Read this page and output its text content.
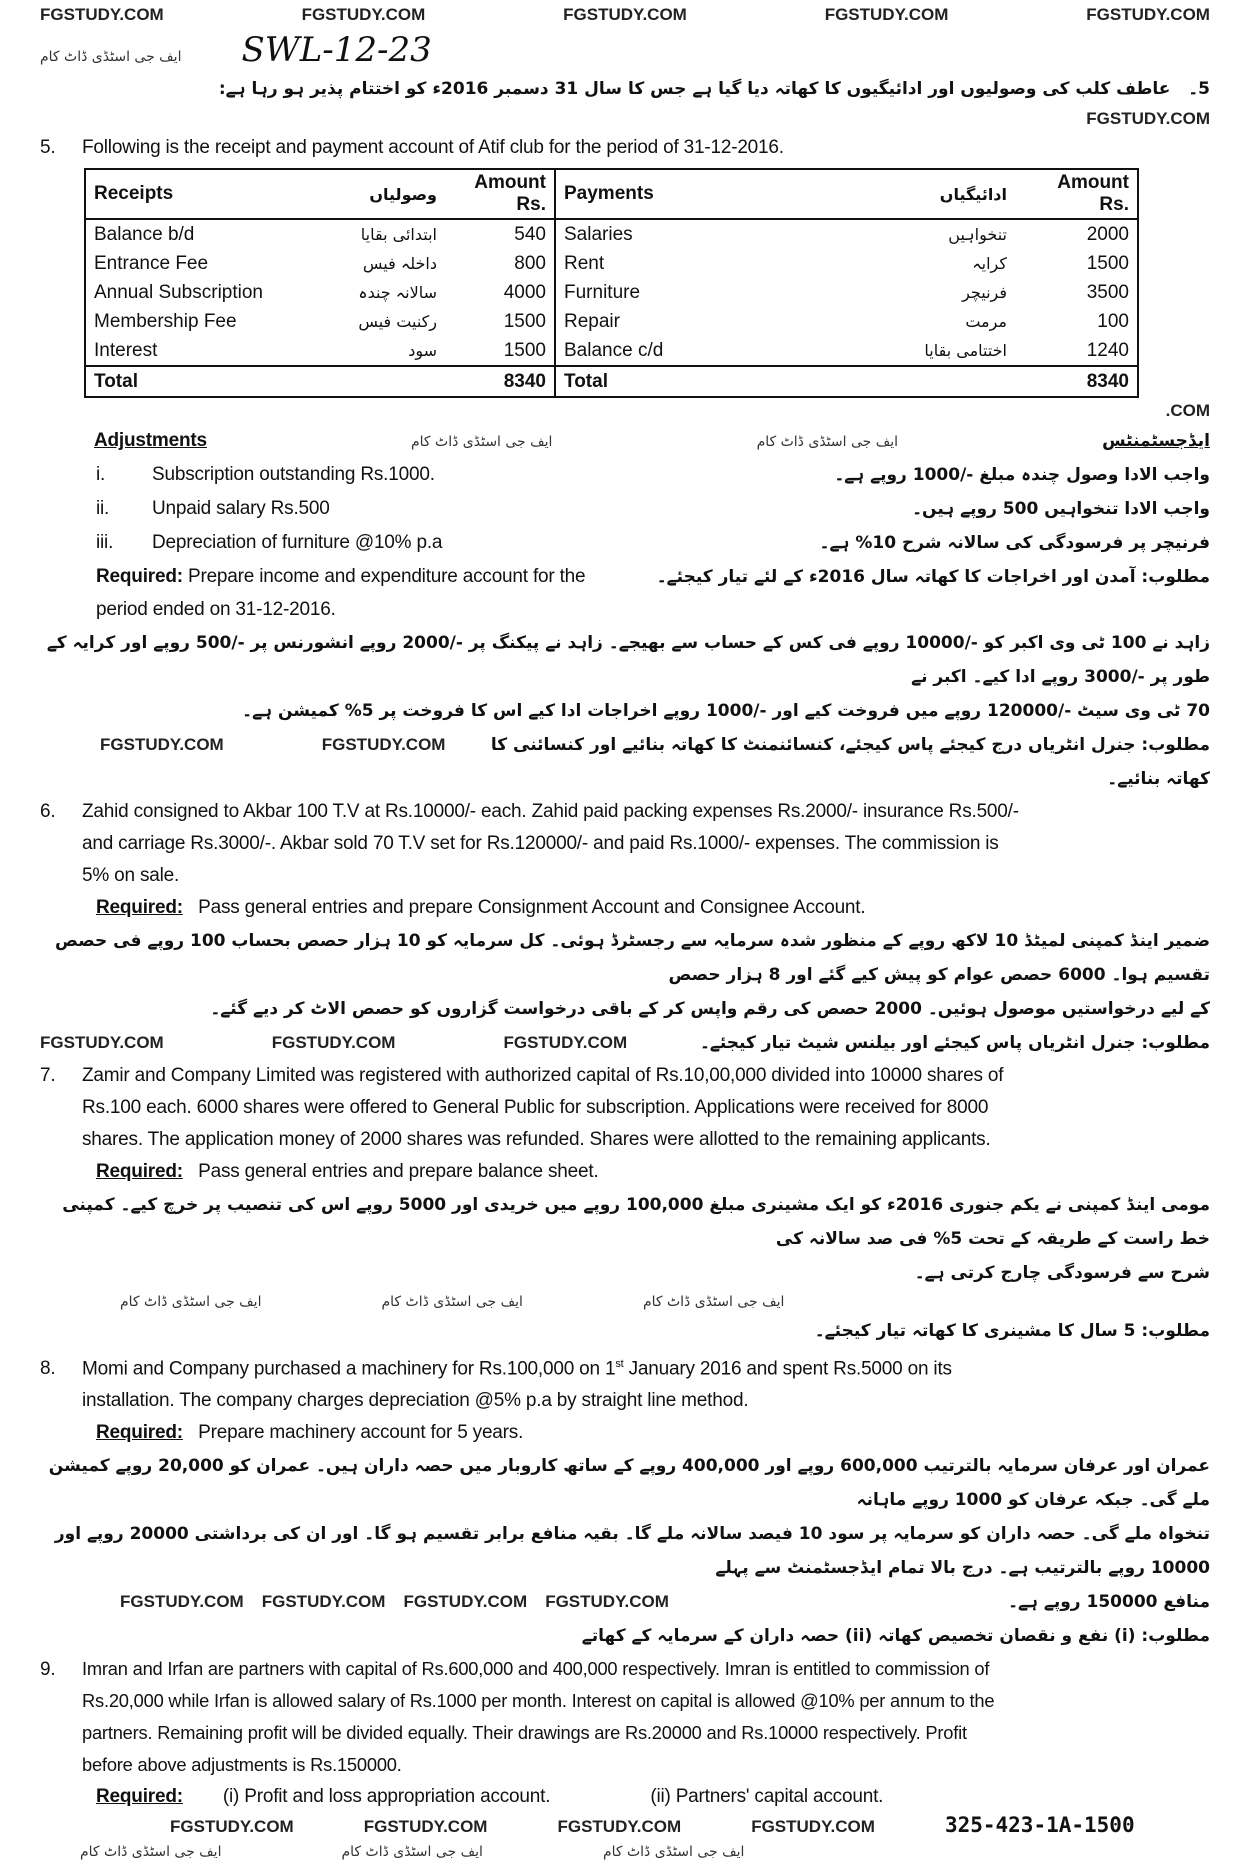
FGSTUDY.COM	FGSTUDY.COM	FGSTUDY.COM	FGSTUDY.COM	FGSTUDY.COM
ایف جی اسٹڈی ڈاٹ کام SWL-12-23
5۔   عاطف کلب کی وصولیوں اور ادائیگیوں کا کھاتہ دیا گیا ہے جس کا سال 31 دسمبر 2016ء کو اختتام پذیر ہو رہا ہے:
FGSTUDY.COM
5.	Following is the receipt and payment account of Atif club for the period of 31-12-2016.
Receipts	وصولیاں	Amount Rs.	Payments	ادائیگیاں	Amount Rs.
Balance b/d	ابتدائی بقایا	540	Salaries	تنخواہیں	2000
Entrance Fee	داخلہ فیس	800	Rent	کرایہ	1500
Annual Subscription	سالانہ چندہ	4000	Furniture	فرنیچر	3500
Membership Fee	رکنیت فیس	1500	Repair	مرمت	100
Interest	سود	1500	Balance c/d	اختتامی بقایا	1240
Total		8340	Total		8340
.COM
Adjustments	ایف جی اسٹڈی ڈاٹ کام	ایف جی اسٹڈی ڈاٹ کام	ایڈجسٹمنٹس
i.	Subscription outstanding Rs.1000.	واجب الادا وصول چندہ مبلغ -/1000 روپے ہے۔
ii.	Unpaid salary Rs.500	واجب الادا تنخواہیں 500 روپے ہیں۔
iii.	Depreciation of furniture @10% p.a	فرنیچر پر فرسودگی کی سالانہ شرح 10% ہے۔
Required: Prepare income and expenditure account for the	مطلوب: آمدن اور اخراجات کا کھاتہ سال 2016ء کے لئے تیار کیجئے۔
period ended on 31-12-2016.
زاہد نے 100 ٹی وی اکبر کو -/10000 روپے فی کس کے حساب سے بھیجے۔ زاہد نے پیکنگ پر -/2000 روپے انشورنس پر -/500 روپے اور کرایہ کے طور پر -/3000 روپے ادا کیے۔ اکبر نے
70 ٹی وی سیٹ -/120000 روپے میں فروخت کیے اور -/1000 روپے اخراجات ادا کیے اس کا فروخت پر 5% کمیشن ہے۔
FGSTUDY.COM	FGSTUDY.COM	مطلوب: جنرل انٹریاں درج کیجئے پاس کیجئے، کنسائنمنٹ کا کھاتہ بنائیے اور کنسائنی کا کھاتہ بنائیے۔
6.	Zahid consigned to Akbar 100 T.V at Rs.10000/- each. Zahid paid packing expenses Rs.2000/- insurance Rs.500/-
and carriage Rs.3000/-. Akbar sold 70 T.V set for Rs.120000/- and paid Rs.1000/- expenses. The commission is
5% on sale.
Required: Pass general entries and prepare Consignment Account and Consignee Account.
ضمیر اینڈ کمپنی لمیٹڈ 10 لاکھ روپے کے منظور شدہ سرمایہ سے رجسٹرڈ ہوئی۔ کل سرمایہ کو 10 ہزار حصص بحساب 100 روپے فی حصص تقسیم ہوا۔ 6000 حصص عوام کو پیش کیے گئے اور 8 ہزار حصص
کے لیے درخواستیں موصول ہوئیں۔ 2000 حصص کی رقم واپس کر کے باقی درخواست گزاروں کو حصص الاٹ کر دیے گئے۔
FGSTUDY.COM	FGSTUDY.COM	FGSTUDY.COM	مطلوب: جنرل انٹریاں پاس کیجئے اور بیلنس شیٹ تیار کیجئے۔
7.	Zamir and Company Limited was registered with authorized capital of Rs.10,00,000 divided into 10000 shares of
Rs.100 each. 6000 shares were offered to General Public for subscription. Applications were received for 8000
shares. The application money of 2000 shares was refunded. Shares were allotted to the remaining applicants.
Required: Pass general entries and prepare balance sheet.
مومی اینڈ کمپنی نے یکم جنوری 2016ء کو ایک مشینری مبلغ 100,000 روپے میں خریدی اور 5000 روپے اس کی تنصیب پر خرچ کیے۔ کمپنی خط راست کے طریقہ کے تحت 5% فی صد سالانہ کی
شرح سے فرسودگی چارج کرتی ہے۔
ایف جی اسٹڈی ڈاٹ کام	ایف جی اسٹڈی ڈاٹ کام	ایف جی اسٹڈی ڈاٹ کام
مطلوب: 5 سال کا مشینری کا کھاتہ تیار کیجئے۔
8.	Momi and Company purchased a machinery for Rs.100,000 on 1st January 2016 and spent Rs.5000 on its
installation. The company charges depreciation @5% p.a by straight line method.
Required: Prepare machinery account for 5 years.
عمران اور عرفان سرمایہ بالترتیب 600,000 روپے اور 400,000 روپے کے ساتھ کاروبار میں حصہ داران ہیں۔ عمران کو 20,000 روپے کمیشن ملے گی۔ جبکہ عرفان کو 1000 روپے ماہانہ
تنخواہ ملے گی۔ حصہ داران کو سرمایہ پر سود 10 فیصد سالانہ ملے گا۔ بقیہ منافع برابر تقسیم ہو گا۔ اور ان کی برداشتی 20000 روپے اور 10000 روپے بالترتیب ہے۔ درج بالا تمام ایڈجسٹمنٹ سے پہلے
FGSTUDY.COM FGSTUDY.COM FGSTUDY.COM FGSTUDY.COM	منافع 150000 روپے ہے۔
مطلوب: (i) نفع و نقصان تخصیص کھاتہ (ii) حصہ داران کے سرمایہ کے کھاتے
9.	Imran and Irfan are partners with capital of Rs.600,000 and 400,000 respectively. Imran is entitled to commission of
Rs.20,000 while Irfan is allowed salary of Rs.1000 per month. Interest on capital is allowed @10% per annum to the
partners. Remaining profit will be divided equally. Their drawings are Rs.20000 and Rs.10000 respectively. Profit
before above adjustments is Rs.150000.
Required: (i) Profit and loss appropriation account.	(ii) Partners' capital account.
FGSTUDY.COM	FGSTUDY.COM	FGSTUDY.COM	FGSTUDY.COM	325-423-1A-1500
ایف جی اسٹڈی ڈاٹ کام	ایف جی اسٹڈی ڈاٹ کام	ایف جی اسٹڈی ڈاٹ کام
